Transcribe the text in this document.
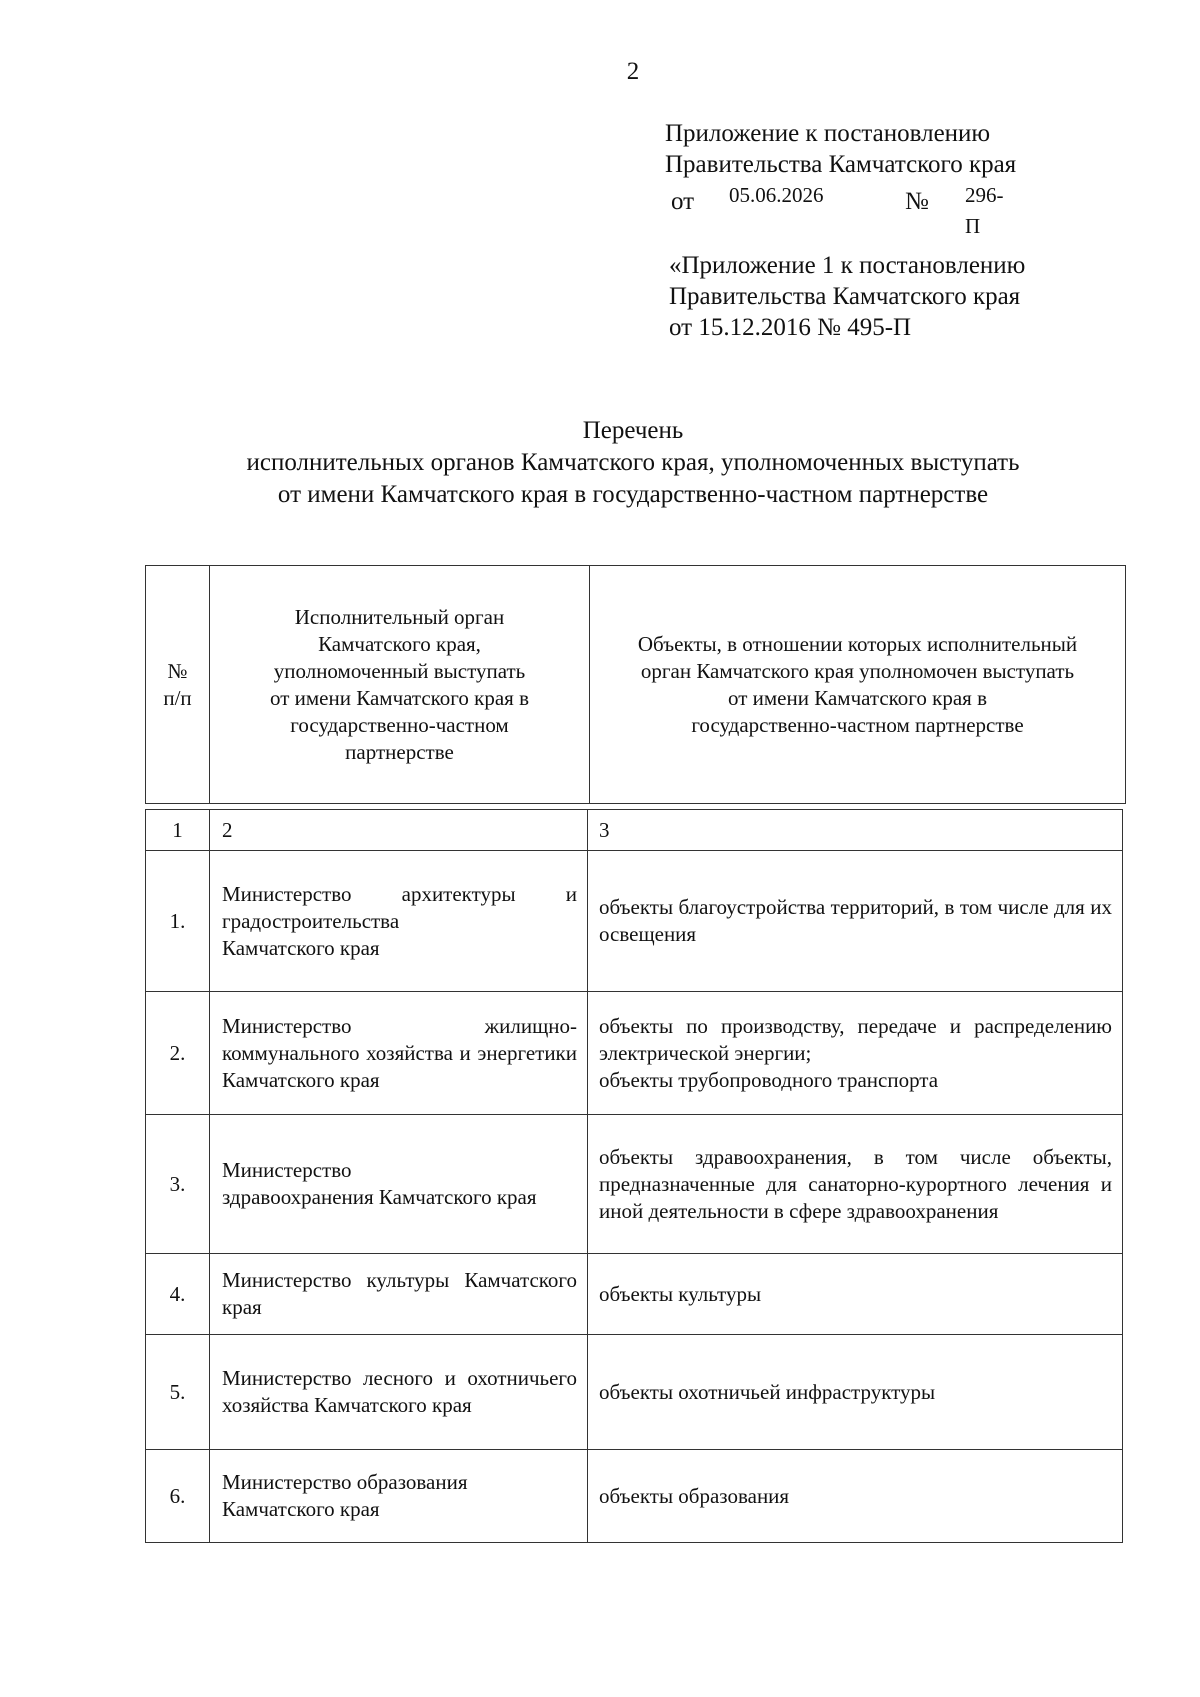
2
Приложение к постановлению
Правительства Камчатского края
от 05.06.2026	№ 296-П
«Приложение 1 к постановлению
Правительства Камчатского края
от 15.12.2016 № 495-П
Перечень
исполнительных органов Камчатского края, уполномоченных выступать
от имени Камчатского края в государственно-частном партнерстве
№
п/п	Исполнительный орган
Камчатского края,
уполномоченный выступать
от имени Камчатского края в
государственно-частном
партнерстве	Объекты, в отношении которых исполнительный
орган Камчатского края уполномочен выступать
от имени Камчатского края в
государственно-частном партнерстве
1	2	3
1.	Министерство архитектуры и градостроительства
Камчатского края	объекты благоустройства территорий, в том числе для их освещения
2.	Министерство жилищно-коммунального хозяйства и энергетики Камчатского края	объекты по производству, передаче и распределению электрической энергии;
объекты трубопроводного транспорта
3.	Министерство
здравоохранения Камчатского края	объекты здравоохранения, в том числе объекты, предназначенные для санаторно-курортного лечения и иной деятельности в сфере здравоохранения
4.	Министерство культуры Камчатского края	объекты культуры
5.	Министерство лесного и охотничьего хозяйства Камчатского края	объекты охотничьей инфраструктуры
6.	Министерство образования
Камчатского края	объекты образования
